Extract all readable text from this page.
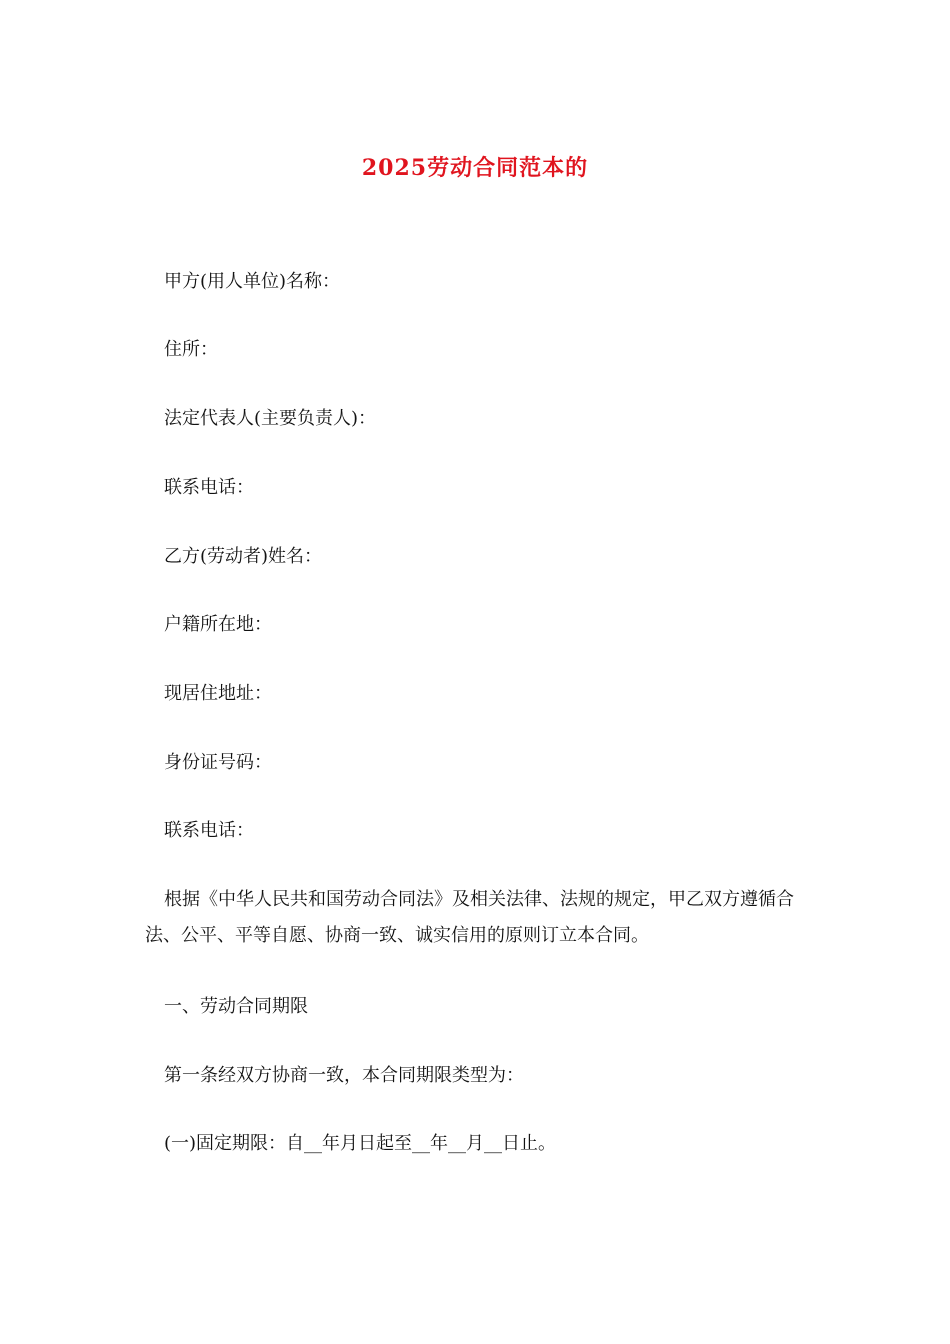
2025劳动合同范本的
甲方(用人单位)名称：
住所：
法定代表人(主要负责人)：
联系电话：
乙方(劳动者)姓名：
户籍所在地：
现居住地址：
身份证号码：
联系电话：
根据《中华人民共和国劳动合同法》及相关法律、法规的规定，甲乙双方遵循合法、公平、平等自愿、协商一致、诚实信用的原则订立本合同。
一、劳动合同期限
第一条经双方协商一致，本合同期限类型为：
(一)固定期限：自__年月日起至__年__月__日止。
